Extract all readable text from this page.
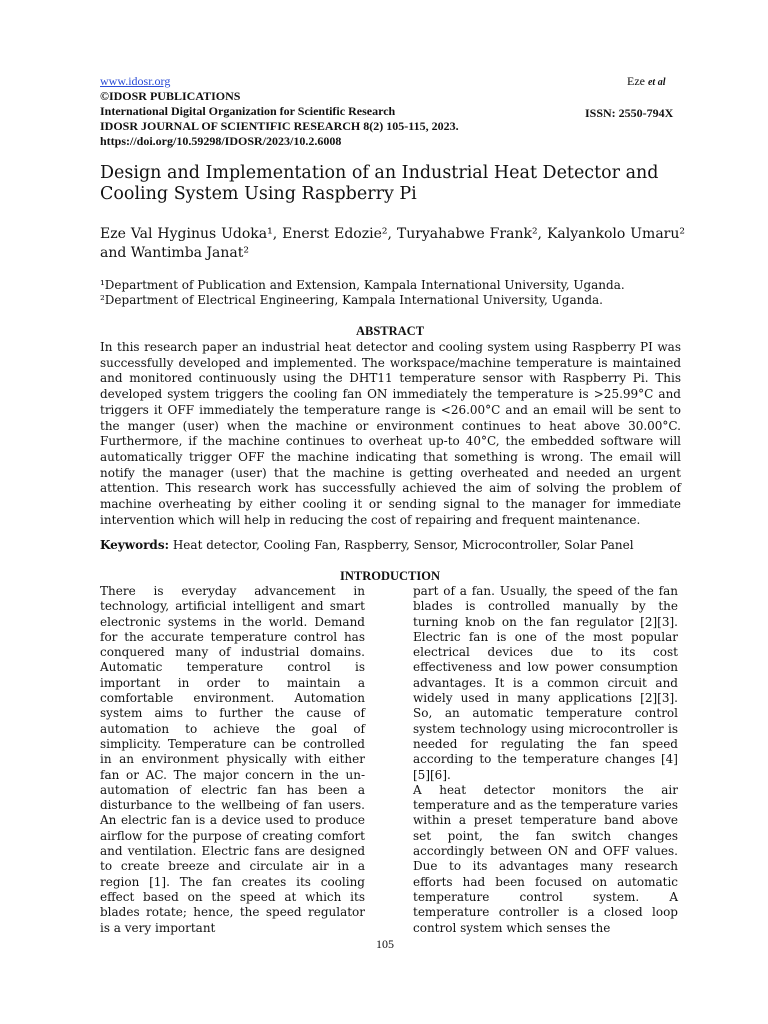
www.idosr.org
©IDOSR PUBLICATIONS
International Digital Organization for Scientific Research
IDOSR JOURNAL OF SCIENTIFIC RESEARCH 8(2) 105-115, 2023.
https://doi.org/10.59298/IDOSR/2023/10.2.6008
Eze et al
ISSN: 2550-794X
Design and Implementation of an Industrial Heat Detector and Cooling System Using Raspberry Pi
Eze Val Hyginus Udoka¹, Enerst Edozie², Turyahabwe Frank², Kalyankolo Umaru² and Wantimba Janat²
¹Department of Publication and Extension, Kampala International University, Uganda.
²Department of Electrical Engineering, Kampala International University, Uganda.
ABSTRACT
In this research paper an industrial heat detector and cooling system using Raspberry PI was successfully developed and implemented. The workspace/machine temperature is maintained and monitored continuously using the DHT11 temperature sensor with Raspberry Pi. This developed system triggers the cooling fan ON immediately the temperature is >25.99°C and triggers it OFF immediately the temperature range is <26.00°C and an email will be sent to the manger (user) when the machine or environment continues to heat above 30.00°C. Furthermore, if the machine continues to overheat up-to 40°C, the embedded software will automatically trigger OFF the machine indicating that something is wrong. The email will notify the manager (user) that the machine is getting overheated and needed an urgent attention. This research work has successfully achieved the aim of solving the problem of machine overheating by either cooling it or sending signal to the manager for immediate intervention which will help in reducing the cost of repairing and frequent maintenance.
Keywords: Heat detector, Cooling Fan, Raspberry, Sensor, Microcontroller, Solar Panel
INTRODUCTION

There is everyday advancement in technology, artificial intelligent and smart electronic systems in the world. Demand for the accurate temperature control has conquered many of industrial domains. Automatic temperature control is important in order to maintain a comfortable environment. Automation system aims to further the cause of automation to achieve the goal of simplicity. Temperature can be controlled in an environment physically with either fan or AC. The major concern in the un-automation of electric fan has been a disturbance to the wellbeing of fan users. An electric fan is a device used to produce airflow for the purpose of creating comfort and ventilation. Electric fans are designed to create breeze and circulate air in a region [1]. The fan creates its cooling effect based on the speed at which its blades rotate; hence, the speed regulator is a very important

part of a fan. Usually, the speed of the fan blades is controlled manually by the turning knob on the fan regulator [2][3]. Electric fan is one of the most popular electrical devices due to its cost effectiveness and low power consumption advantages. It is a common circuit and widely used in many applications [2][3]. So, an automatic temperature control system technology using microcontroller is needed for regulating the fan speed according to the temperature changes [4][5][6].

A heat detector monitors the air temperature and as the temperature varies within a preset temperature band above set point, the fan switch changes accordingly between ON and OFF values. Due to its advantages many research efforts had been focused on automatic temperature control system. A temperature controller is a closed loop control system which senses the

105
